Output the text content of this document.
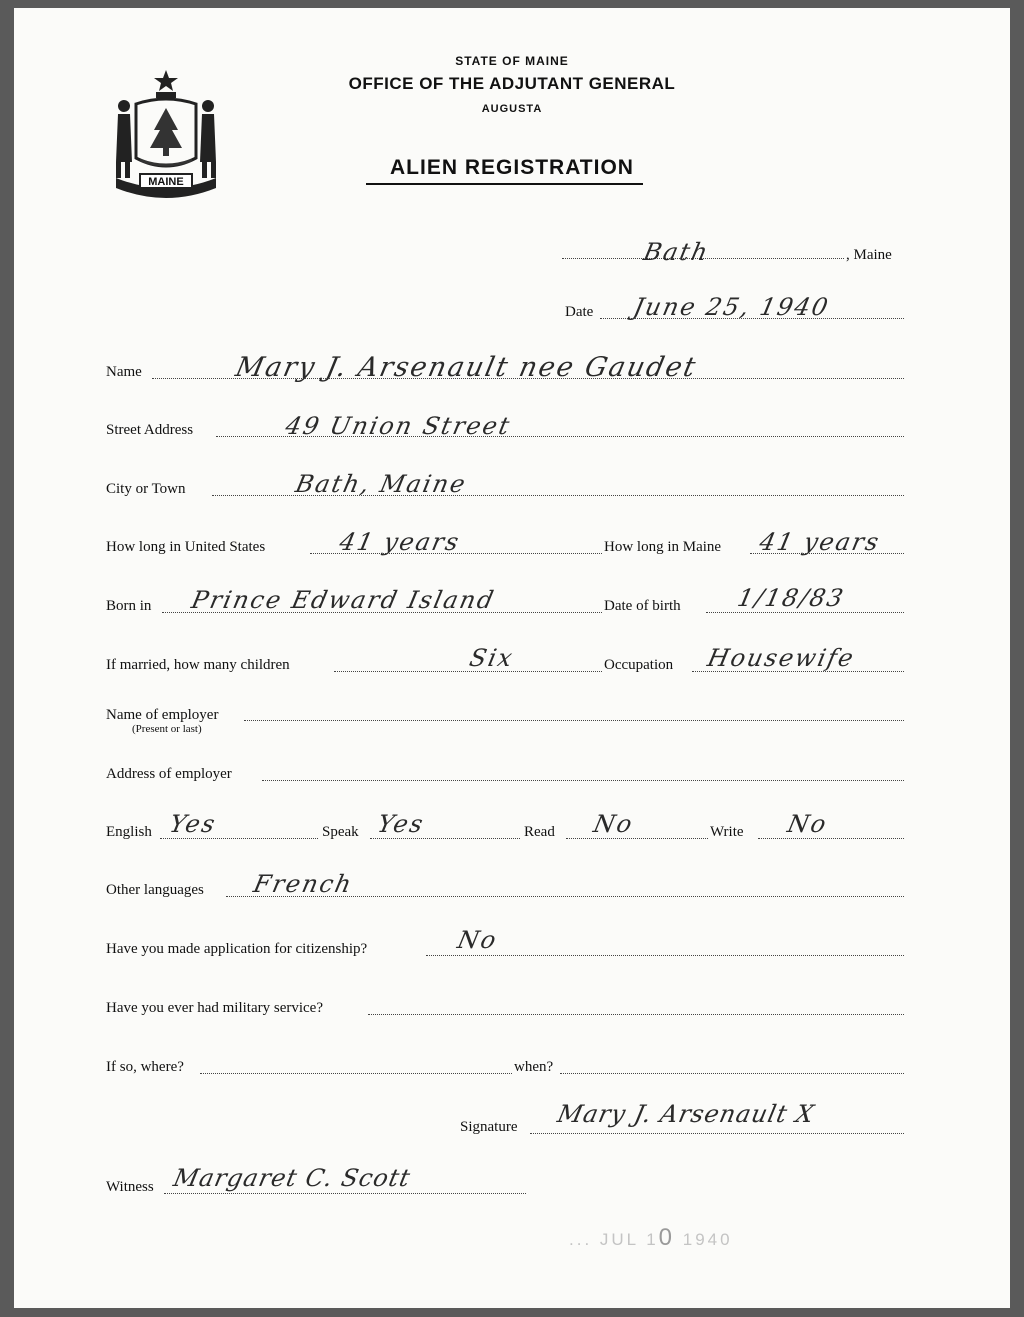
MAINE
STATE OF MAINE
OFFICE OF THE ADJUTANT GENERAL
AUGUSTA
ALIEN REGISTRATION
Bath	, Maine
Date June 25, 1940
Name	Mary J. Arsenault nee Gaudet
Street Address	49 Union Street
City or Town	Bath, Maine
How long in United States	41 years	How long in Maine 41 years
Born in Prince Edward Island	Date of birth 1/18/83
If married, how many children	Six	Occupation Housewife
Name of employer
(Present or last)
Address of employer
English Yes	Speak Yes	Read No	Write No
Other languages French
Have you made application for citizenship?	No
Have you ever had military service?
If so, where?	when?
Signature Mary J. Arsenault X
Witness Margaret C. Scott
... JUL 10 1940
